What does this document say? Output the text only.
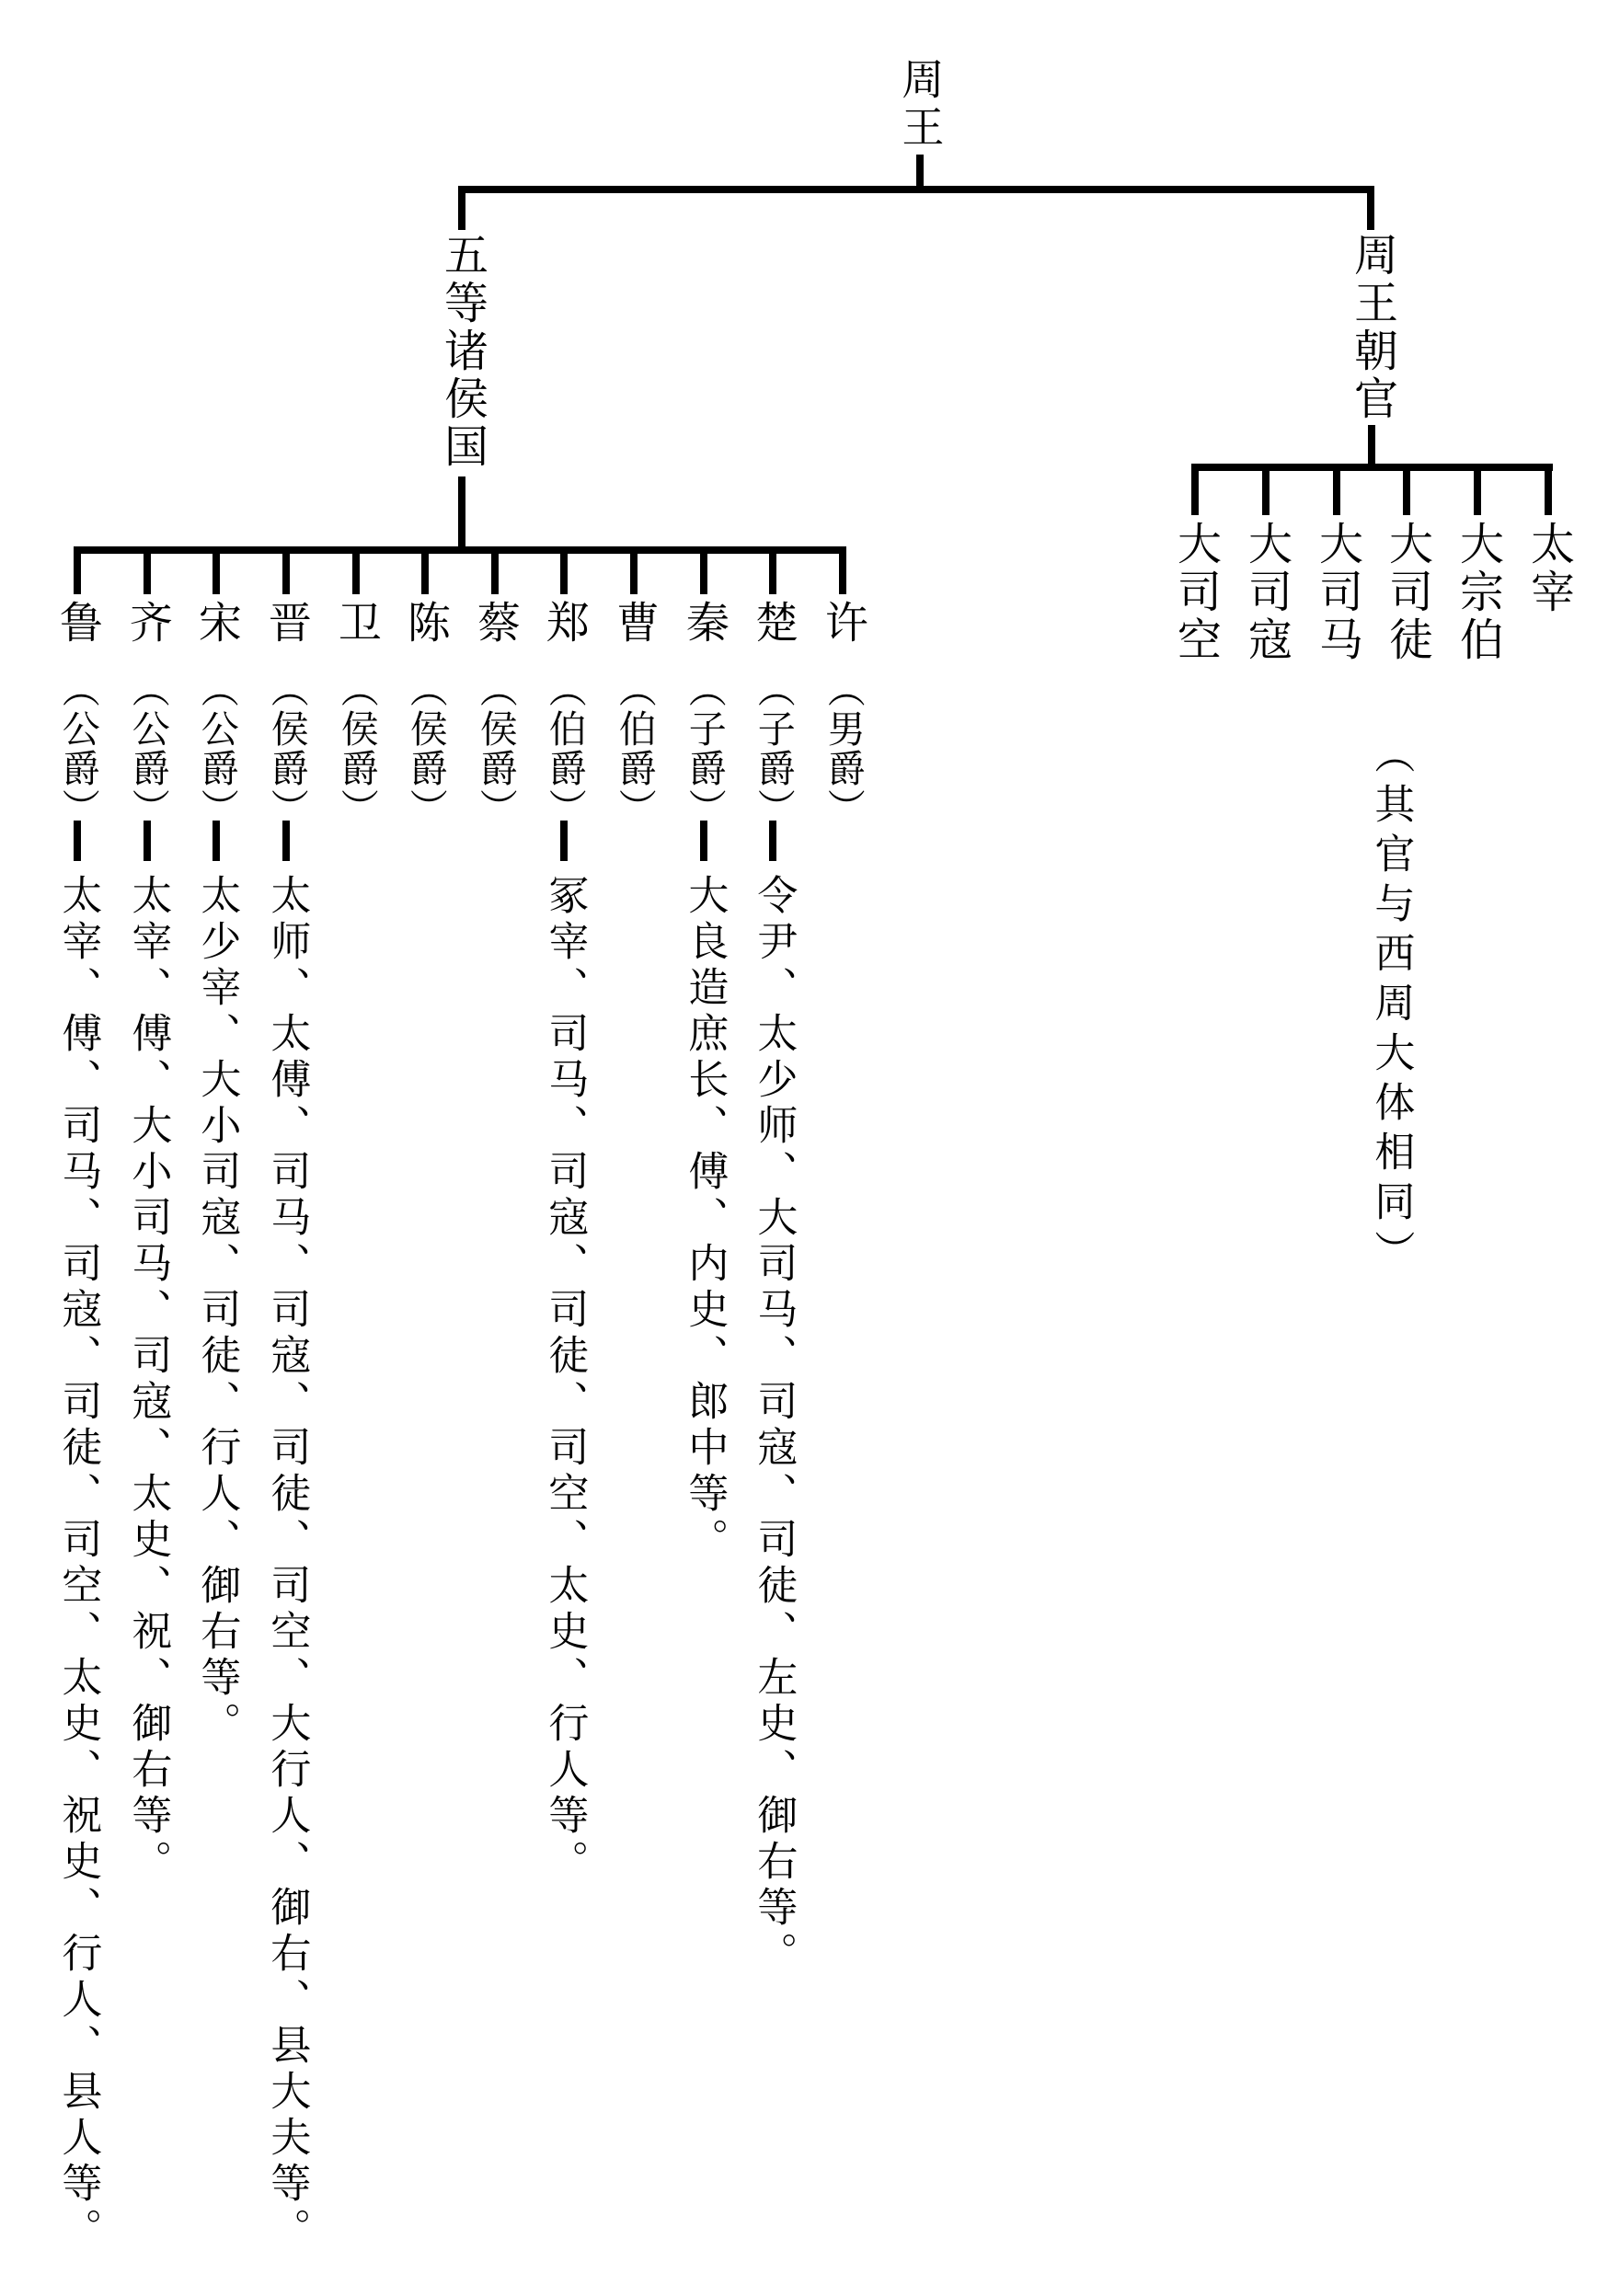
周王
五等诸侯国	周王朝官
（其官与西周大体相同）
鲁
（公爵）
太宰、傅、司马、司寇、司徒、司空、太史、祝史、行人、县人等。
齐
（公爵）
太宰、傅、大小司马、司寇、太史、祝、御右等。
宋
（公爵）
太少宰、大小司寇、司徒、行人、御右等。
晋
（侯爵）
太师、太傅、司马、司寇、司徒、司空、大行人、御右、县大夫等。
卫
（侯爵）
陈
（侯爵）
蔡
（侯爵）
郑
（伯爵）
冢宰、司马、司寇、司徒、司空、太史、行人等。
曹
（伯爵）
秦
（子爵）
大良造庶长、傅、内史、郎中等。
楚
（子爵）
令尹、太少师、大司马、司寇、司徒、左史、御右等。
许
（男爵）
大司空 大司寇 大司马 大司徒 大宗伯 太宰
